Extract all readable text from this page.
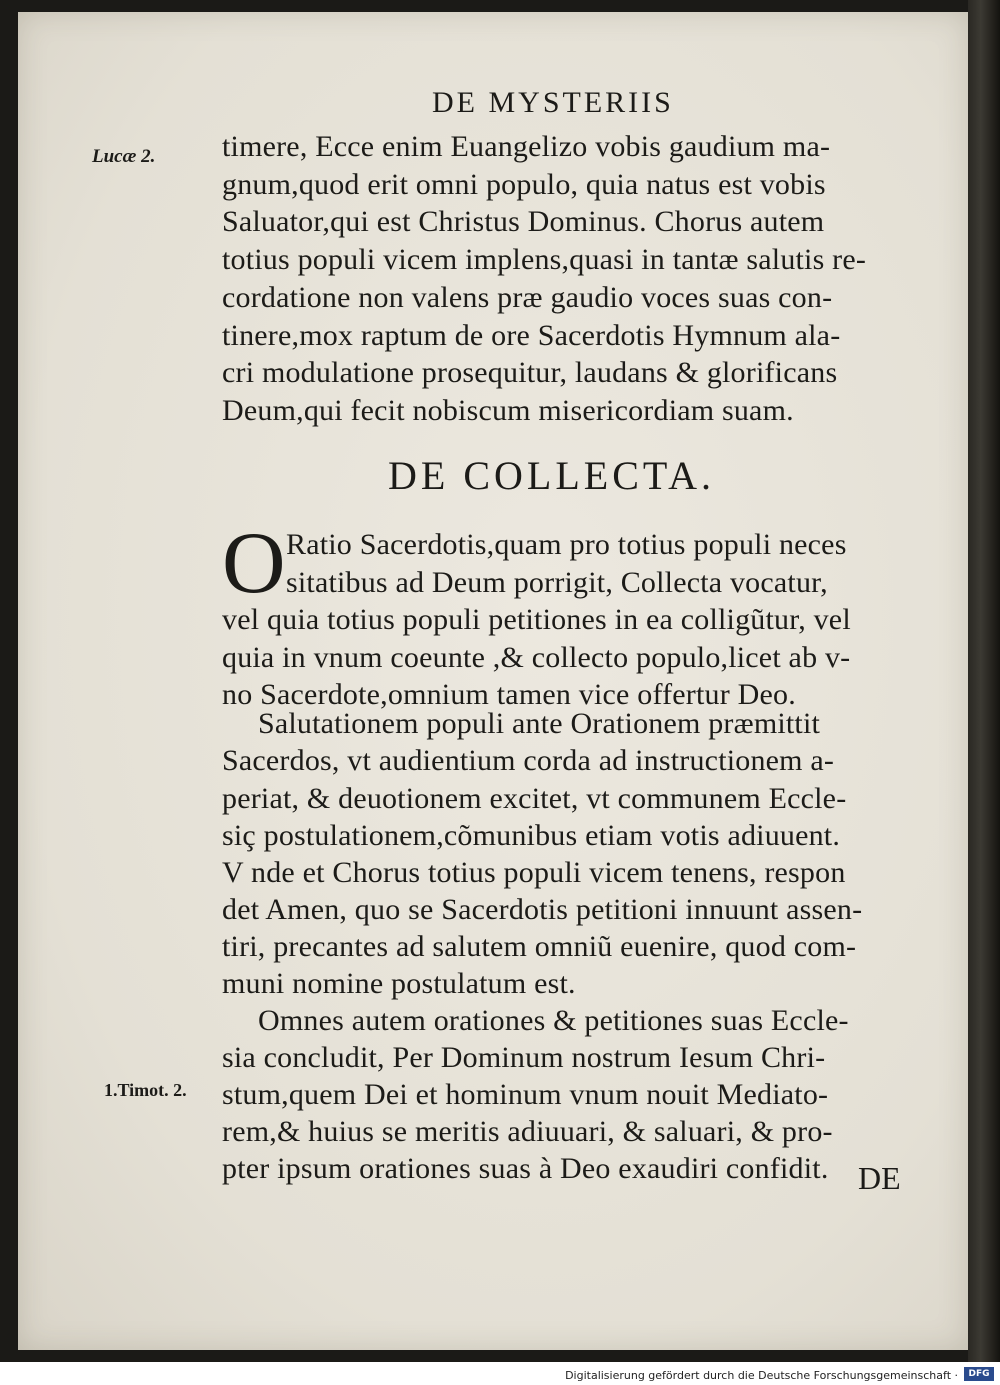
DE MYSTERIIS
Lucæ 2.
1.Timot. 2.
timere, Ecce enim Euangelizo vobis gaudium ma-
gnum,quod erit omni populo, quia natus est vobis
Saluator,qui est Christus Dominus. Chorus autem
totius populi vicem implens,quasi in tantæ salutis re-
cordatione non valens præ gaudio voces suas con-
tinere,mox raptum de ore Sacerdotis Hymnum ala-
cri modulatione prosequitur, laudans & glorificans
Deum,qui fecit nobiscum misericordiam suam.
DE COLLECTA.
O Ratio Sacerdotis,quam pro totius populi neces
sitatibus ad Deum porrigit, Collecta vocatur,
vel quia totius populi petitiones in ea colligũtur, vel
quia in vnum coeunte ,& collecto populo,licet ab v-
no Sacerdote,omnium tamen vice offertur Deo.
Salutationem populi ante Orationem præmittit
Sacerdos, vt audientium corda ad instructionem a-
periat, & deuotionem excitet, vt communem Eccle-
siç postulationem,cõmunibus etiam votis adiuuent.
V nde et Chorus totius populi vicem tenens, respon
det Amen, quo se Sacerdotis petitioni innuunt assen-
tiri, precantes ad salutem omniũ euenire, quod com-
muni nomine postulatum est.
Omnes autem orationes & petitiones suas Eccle-
sia concludit, Per Dominum nostrum Iesum Chri-
stum,quem Dei et hominum vnum nouit Mediato-
rem,& huius se meritis adiuuari, & saluari, & pro-
pter ipsum orationes suas à Deo exaudiri confidit. DE
Digitalisierung gefördert durch die Deutsche Forschungsgemeinschaft ·	DFG
